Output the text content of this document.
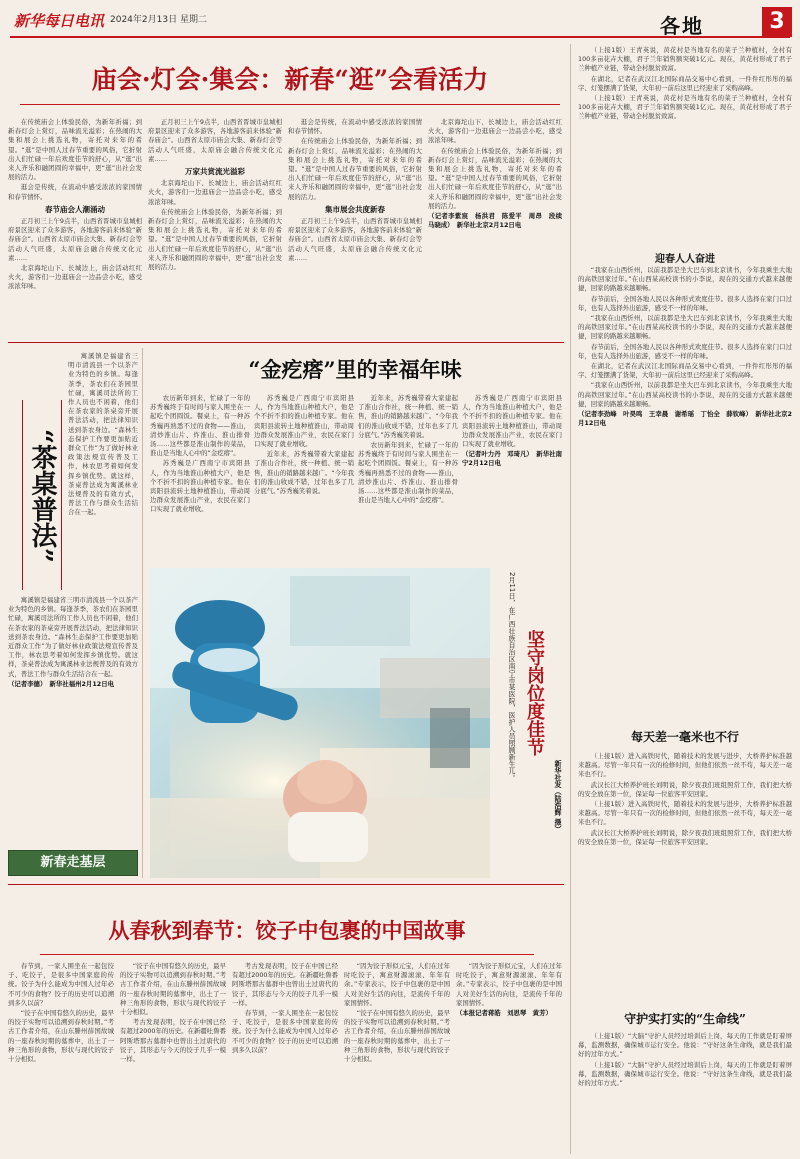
新华每日电讯 2024年2月13日 星期二	各地	3
庙会·灯会·集会：新春“逛”会看活力

在传统庙会上体验民俗，为新年祈福；到新春灯会上赏灯，品味流光溢彩；在热闹的大集和展会上挑选礼物，寄托对来年的希望。“逛”是中国人过春节重要的风俗，它折射出人们忙碌一年后欢度佳节的舒心，从“逛”出来人齐乐和融团圆的幸福中，更“逛”出社会发展的活力。

逛会是传统，在流动中感受浓浓的家国情和春节情怀。

春节庙会人潮涌动

正月初三上午9点半，山西省晋城市皇城相府景区迎来了众多游客，各地游客前来体验“新春庙会”。山西省太原市庙会大集、新春灯会等活动人气旺盛，太原庙会融合传统文化元素……

北京海坨山下、长城边上，庙会活动红红火火，游客们一边逛庙会一边品尝小吃，感受浓浓年味。

正月初三上午9点半，山西省晋城市皇城相府景区迎来了众多游客，各地游客前来体验“新春庙会”。山西省太原市庙会大集、新春灯会等活动人气旺盛，太原庙会融合传统文化元素……

万家共赏流光溢彩

北京海坨山下、长城边上，庙会活动红红火火，游客们一边逛庙会一边品尝小吃，感受浓浓年味。

在传统庙会上体验民俗，为新年祈福；到新春灯会上赏灯，品味流光溢彩；在热闹的大集和展会上挑选礼物，寄托对来年的希望。“逛”是中国人过春节重要的风俗，它折射出人们忙碌一年后欢度佳节的舒心，从“逛”出来人齐乐和融团圆的幸福中，更“逛”出社会发展的活力。

逛会是传统，在流动中感受浓浓的家国情和春节情怀。

在传统庙会上体验民俗，为新年祈福；到新春灯会上赏灯，品味流光溢彩；在热闹的大集和展会上挑选礼物，寄托对来年的希望。“逛”是中国人过春节重要的风俗，它折射出人们忙碌一年后欢度佳节的舒心，从“逛”出来人齐乐和融团圆的幸福中，更“逛”出社会发展的活力。

集市展会共度新春

正月初三上午9点半，山西省晋城市皇城相府景区迎来了众多游客，各地游客前来体验“新春庙会”。山西省太原市庙会大集、新春灯会等活动人气旺盛，太原庙会融合传统文化元素……

北京海坨山下、长城边上，庙会活动红红火火，游客们一边逛庙会一边品尝小吃，感受浓浓年味。

在传统庙会上体验民俗，为新年祈福；到新春灯会上赏灯，品味流光溢彩；在热闹的大集和展会上挑选礼物，寄托对来年的希望。“逛”是中国人过春节重要的风俗，它折射出人们忙碌一年后欢度佳节的舒心，从“逛”出来人齐乐和融团圆的幸福中，更“逛”出社会发展的活力。

（记者李紫宸　杨洪君　陈爱平　周昂　段续　马晓成）　新华社北京2月12日电

“茶桌普法”

寓溪镇是福建省三明市清流县一个以茶产业为特色的乡镇。每逢茶季，茶农们在茶园里忙碌，寓溪司法所的工作人员也不闲着，他们在茶农家的茶桌旁开展普法活动，把法律知识送到茶农身边。“森林生态保护工作要更加贴近群众工作”为了做好林业政策法规宣传普及工作，林农思考着如何发挥乡镇优势。就这样，茶桌普法成为寓溪林业法规普及的有效方式，普法工作与群众生活结合在一起。

寓溪镇是福建省三明市清流县一个以茶产业为特色的乡镇。每逢茶季，茶农们在茶园里忙碌，寓溪司法所的工作人员也不闲着，他们在茶农家的茶桌旁开展普法活动，把法律知识送到茶农身边。“森林生态保护工作要更加贴近群众工作”为了做好林业政策法规宣传普及工作，林农思考着如何发挥乡镇优势。就这样，茶桌普法成为寓溪林业法规普及的有效方式，普法工作与群众生活结合在一起。

（记者李德）　新华社福州2月12日电

新春走基层
“金疙瘩”里的幸福年味

农历新年到来，忙碌了一年的苏秀巍终于有时间与家人围坐在一起吃个团圆饭。餐桌上，有一种苏秀巍再熟悉不过的食物——淮山，清炒淮山片、炸淮山、淮山排骨汤……这些都是淮山制作的菜品，淮山是当地人心中的“金疙瘩”。

苏秀巍是广西南宁市宾阳县人，作为当地淮山种植大户，他是个不折不扣的淮山种植专家。他在宾阳县流转土地种植淮山，带动周边群众发展淮山产业，农民在家门口实现了就业增收。

苏秀巍是广西南宁市宾阳县人，作为当地淮山种植大户，他是个不折不扣的淮山种植专家。他在宾阳县流转土地种植淮山，带动周边群众发展淮山产业，农民在家门口实现了就业增收。

近年来，苏秀巍带着大家建起了淮山合作社，统一种植、统一销售，淮山的销路越来越广。“今年我们的淮山收成不错，过年也多了几分底气。”苏秀巍笑着说。

近年来，苏秀巍带着大家建起了淮山合作社，统一种植、统一销售，淮山的销路越来越广。“今年我们的淮山收成不错，过年也多了几分底气。”苏秀巍笑着说。

农历新年到来，忙碌了一年的苏秀巍终于有时间与家人围坐在一起吃个团圆饭。餐桌上，有一种苏秀巍再熟悉不过的食物——淮山，清炒淮山片、炸淮山、淮山排骨汤……这些都是淮山制作的菜品，淮山是当地人心中的“金疙瘩”。

苏秀巍是广西南宁市宾阳县人，作为当地淮山种植大户，他是个不折不扣的淮山种植专家。他在宾阳县流转土地种植淮山，带动周边群众发展淮山产业，农民在家门口实现了就业增收。

（记者叶力丹　邓琦凡）　新华社南宁2月12日电

2月11日，在广西壮族自治区南宁市某医院，医护人员照顾新生儿。 坚守岗位度佳节
新华社发（陆浩辉 摄）
从春秋到春节：饺子中包裹的中国故事

春节到，一家人围坐在一起包饺子、吃饺子，是很多中国家庭的传统。饺子为什么能成为中国人过年必不可少的食物？饺子的历史可以追溯到多久以前？

“饺子在中国有悠久的历史，最早的饺子实物可以追溯到春秋时期。”考古工作者介绍，在山东滕州薛国故城的一座春秋时期的墓葬中，出土了一种三角形的食物，形状与现代的饺子十分相似。

“饺子在中国有悠久的历史，最早的饺子实物可以追溯到春秋时期。”考古工作者介绍，在山东滕州薛国故城的一座春秋时期的墓葬中，出土了一种三角形的食物，形状与现代的饺子十分相似。

考古发现表明，饺子在中国已经有超过2000年的历史。在新疆吐鲁番阿斯塔那古墓群中也曾出土过唐代的饺子，其形态与今天的饺子几乎一模一样。

考古发现表明，饺子在中国已经有超过2000年的历史。在新疆吐鲁番阿斯塔那古墓群中也曾出土过唐代的饺子，其形态与今天的饺子几乎一模一样。

春节到，一家人围坐在一起包饺子、吃饺子，是很多中国家庭的传统。饺子为什么能成为中国人过年必不可少的食物？饺子的历史可以追溯到多久以前？

“因为饺子形似元宝，人们在过年时吃饺子，寓意财源滚滚、年年有余。”专家表示，饺子中包裹的是中国人对美好生活的向往，是流传千年的家国情怀。

“饺子在中国有悠久的历史，最早的饺子实物可以追溯到春秋时期。”考古工作者介绍，在山东滕州薛国故城的一座春秋时期的墓葬中，出土了一种三角形的食物，形状与现代的饺子十分相似。

“因为饺子形似元宝，人们在过年时吃饺子，寓意财源滚滚、年年有余。”专家表示，饺子中包裹的是中国人对美好生活的向往，是流传千年的家国情怀。

（本报记者蒋皓　刘思琴　黄芳）

（上接1版）王青英说，黄花村是当地有名的菜子兰种植村，全村有100多亩花卉大棚，君子兰年销售额突破1亿元。现在，黄花村形成了君子兰种植产业链，带动全村脱贫致富。

在湖北，记者在武汉江北国际商品交易中心看到，一件件红彤彤的福字、灯笼摆满了货架，大年初一前后这里已经迎来了采购高峰。

（上接1版）王青英说，黄花村是当地有名的菜子兰种植村，全村有100多亩花卉大棚，君子兰年销售额突破1亿元。现在，黄花村形成了君子兰种植产业链，带动全村脱贫致富。

迎春人人奋进

“我家在山西忻州，以前我都是坐大巴车到北京读书，今年我乘坐大地的高铁回家过年。”在山西某高校读书的小李说，现在的交通方式越来越便捷，回家的路越来越顺畅。

春节前后，全国各地人民以各种形式欢度佳节。很多人选择在家门口过年，也有人选择外出旅游，感受不一样的年味。

“我家在山西忻州，以前我都是坐大巴车到北京读书，今年我乘坐大地的高铁回家过年。”在山西某高校读书的小李说，现在的交通方式越来越便捷，回家的路越来越顺畅。

春节前后，全国各地人民以各种形式欢度佳节。很多人选择在家门口过年，也有人选择外出旅游，感受不一样的年味。

在湖北，记者在武汉江北国际商品交易中心看到，一件件红彤彤的福字、灯笼摆满了货架，大年初一前后这里已经迎来了采购高峰。

“我家在山西忻州，以前我都是坐大巴车到北京读书，今年我乘坐大地的高铁回家过年。”在山西某高校读书的小李说，现在的交通方式越来越便捷，回家的路越来越顺畅。

（记者李劲峰　叶昊鸣　王幸晨　谢希瑶　丁怡全　薛钦峰）　新华社北京2月12日电

每天差一毫米也不行

（上接1版）进入高铁时代，随着技术的发展与进步，大桥养护标准越来越高。尽管一年只有一次的检修时间，但他们依然一丝不苟，每天差一毫米也不行。

武汉长江大桥养护班长刘明说，除夕夜我们班组照常工作，我们把大桥的安全放在第一位，保证每一位旅客平安回家。

（上接1版）进入高铁时代，随着技术的发展与进步，大桥养护标准越来越高。尽管一年只有一次的检修时间，但他们依然一丝不苟，每天差一毫米也不行。

武汉长江大桥养护班长刘明说，除夕夜我们班组照常工作，我们把大桥的安全放在第一位，保证每一位旅客平安回家。

守护实打实的“生命线”

（上接1版）“大脑”守护人员经过培训后上岗，每天的工作就是盯着屏幕，监测数据，确保城市运行安全。他说：“守好这条生命线，就是我们最好的过年方式。”

（上接1版）“大脑”守护人员经过培训后上岗，每天的工作就是盯着屏幕，监测数据，确保城市运行安全。他说：“守好这条生命线，就是我们最好的过年方式。”
